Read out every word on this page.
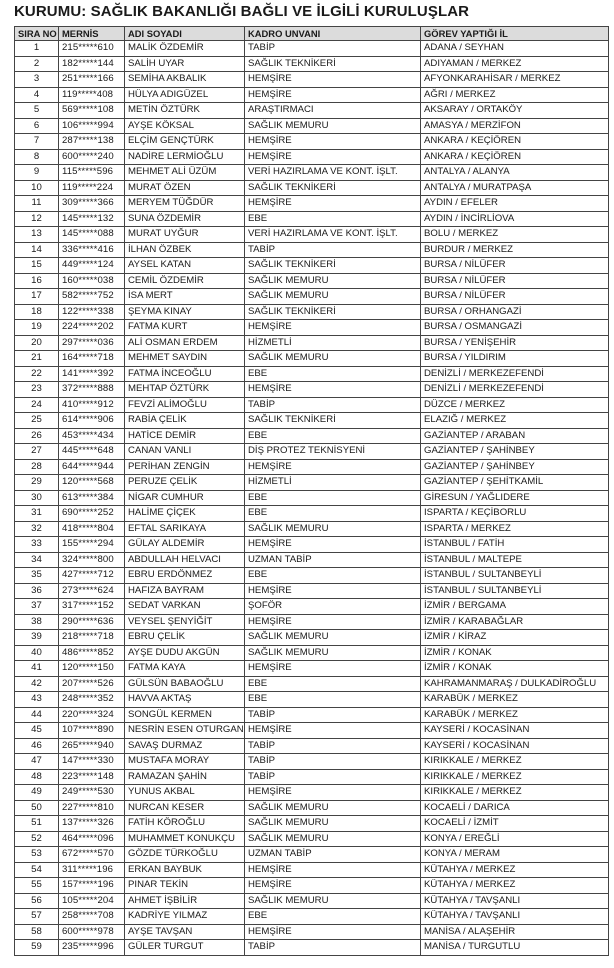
KURUMU: SAĞLIK BAKANLIĞI BAĞLI VE İLGİLİ KURULUŞLAR
SIRA NO	MERNİS	ADI SOYADI	KADRO UNVANI	GÖREV YAPTIĞI İL
1	215*****610	MALİK ÖZDEMİR	TABİP	ADANA / SEYHAN
2	182*****144	SALİH UYAR	SAĞLIK TEKNİKERİ	ADIYAMAN / MERKEZ
3	251*****166	SEMİHA AKBALIK	HEMŞİRE	AFYONKARAHİSAR / MERKEZ
4	119*****408	HÜLYA ADIGÜZEL	HEMŞİRE	AĞRI / MERKEZ
5	569*****108	METİN ÖZTÜRK	ARAŞTIRMACI	AKSARAY / ORTAKÖY
6	106*****994	AYŞE KÖKSAL	SAĞLIK MEMURU	AMASYA / MERZİFON
7	287*****138	ELÇİM GENÇTÜRK	HEMŞİRE	ANKARA / KEÇİÖREN
8	600*****240	NADİRE LERMİOĞLU	HEMŞİRE	ANKARA / KEÇİÖREN
9	115*****596	MEHMET ALİ ÜZÜM	VERİ HAZIRLAMA VE KONT. İŞLT.	ANTALYA / ALANYA
10	119*****224	MURAT ÖZEN	SAĞLIK TEKNİKERİ	ANTALYA / MURATPAŞA
11	309*****366	MERYEM TÜĞDÜR	HEMŞİRE	AYDIN / EFELER
12	145*****132	SUNA ÖZDEMİR	EBE	AYDIN / İNCİRLİOVA
13	145*****088	MURAT UYĞUR	VERİ HAZIRLAMA VE KONT. İŞLT.	BOLU / MERKEZ
14	336*****416	İLHAN ÖZBEK	TABİP	BURDUR / MERKEZ
15	449*****124	AYSEL KATAN	SAĞLIK TEKNİKERİ	BURSA / NİLÜFER
16	160*****038	CEMİL ÖZDEMİR	SAĞLIK MEMURU	BURSA / NİLÜFER
17	582*****752	İSA MERT	SAĞLIK MEMURU	BURSA / NİLÜFER
18	122*****338	ŞEYMA KINAY	SAĞLIK TEKNİKERİ	BURSA / ORHANGAZİ
19	224*****202	FATMA KURT	HEMŞİRE	BURSA / OSMANGAZİ
20	297*****036	ALİ OSMAN ERDEM	HİZMETLİ	BURSA / YENİŞEHİR
21	164*****718	MEHMET SAYDIN	SAĞLIK MEMURU	BURSA / YILDIRIM
22	141*****392	FATMA İNCEOĞLU	EBE	DENİZLİ / MERKEZEFENDİ
23	372*****888	MEHTAP ÖZTÜRK	HEMŞİRE	DENİZLİ / MERKEZEFENDİ
24	410*****912	FEVZİ ALİMOĞLU	TABİP	DÜZCE / MERKEZ
25	614*****906	RABİA ÇELİK	SAĞLIK TEKNİKERİ	ELAZIĞ / MERKEZ
26	453*****434	HATİCE DEMİR	EBE	GAZİANTEP / ARABAN
27	445*****648	CANAN VANLI	DİŞ PROTEZ TEKNİSYENİ	GAZİANTEP / ŞAHİNBEY
28	644*****944	PERİHAN ZENGİN	HEMŞİRE	GAZİANTEP / ŞAHİNBEY
29	120*****568	PERUZE ÇELİK	HİZMETLİ	GAZİANTEP / ŞEHİTKAMİL
30	613*****384	NİGAR CUMHUR	EBE	GİRESUN / YAĞLIDERE
31	690*****252	HALİME ÇİÇEK	EBE	ISPARTA / KEÇİBORLU
32	418*****804	EFTAL SARIKAYA	SAĞLIK MEMURU	ISPARTA / MERKEZ
33	155*****294	GÜLAY ALDEMİR	HEMŞİRE	İSTANBUL / FATİH
34	324*****800	ABDULLAH HELVACI	UZMAN TABİP	İSTANBUL / MALTEPE
35	427*****712	EBRU ERDÖNMEZ	EBE	İSTANBUL / SULTANBEYLİ
36	273*****624	HAFIZA BAYRAM	HEMŞİRE	İSTANBUL / SULTANBEYLİ
37	317*****152	SEDAT VARKAN	ŞOFÖR	İZMİR / BERGAMA
38	290*****636	VEYSEL ŞENYİĞİT	HEMŞİRE	İZMİR / KARABAĞLAR
39	218*****718	EBRU ÇELİK	SAĞLIK MEMURU	İZMİR / KİRAZ
40	486*****852	AYŞE DUDU AKGÜN	SAĞLIK MEMURU	İZMİR / KONAK
41	120*****150	FATMA KAYA	HEMŞİRE	İZMİR / KONAK
42	207*****526	GÜLSÜN BABAOĞLU	EBE	KAHRAMANMARAŞ / DULKADİROĞLU
43	248*****352	HAVVA AKTAŞ	EBE	KARABÜK / MERKEZ
44	220*****324	SONGÜL KERMEN	TABİP	KARABÜK / MERKEZ
45	107*****890	NESRİN ESEN OTURGAN	HEMŞİRE	KAYSERİ / KOCASİNAN
46	265*****940	SAVAŞ DURMAZ	TABİP	KAYSERİ / KOCASİNAN
47	147*****330	MUSTAFA MORAY	TABİP	KIRIKKALE / MERKEZ
48	223*****148	RAMAZAN ŞAHİN	TABİP	KIRIKKALE / MERKEZ
49	249*****530	YUNUS AKBAL	HEMŞİRE	KIRIKKALE / MERKEZ
50	227*****810	NURCAN KESER	SAĞLIK MEMURU	KOCAELİ / DARICA
51	137*****326	FATİH KÖROĞLU	SAĞLIK MEMURU	KOCAELİ / İZMİT
52	464*****096	MUHAMMET KONUKÇU	SAĞLIK MEMURU	KONYA / EREĞLİ
53	672*****570	GÖZDE TÜRKOĞLU	UZMAN TABİP	KONYA / MERAM
54	311*****196	ERKAN BAYBUK	HEMŞİRE	KÜTAHYA / MERKEZ
55	157*****196	PINAR TEKİN	HEMŞİRE	KÜTAHYA / MERKEZ
56	105*****204	AHMET İŞBİLİR	SAĞLIK MEMURU	KÜTAHYA / TAVŞANLI
57	258*****708	KADRİYE YILMAZ	EBE	KÜTAHYA / TAVŞANLI
58	600*****978	AYŞE TAVŞAN	HEMŞİRE	MANİSA / ALAŞEHİR
59	235*****996	GÜLER TURGUT	TABİP	MANİSA / TURGUTLU
